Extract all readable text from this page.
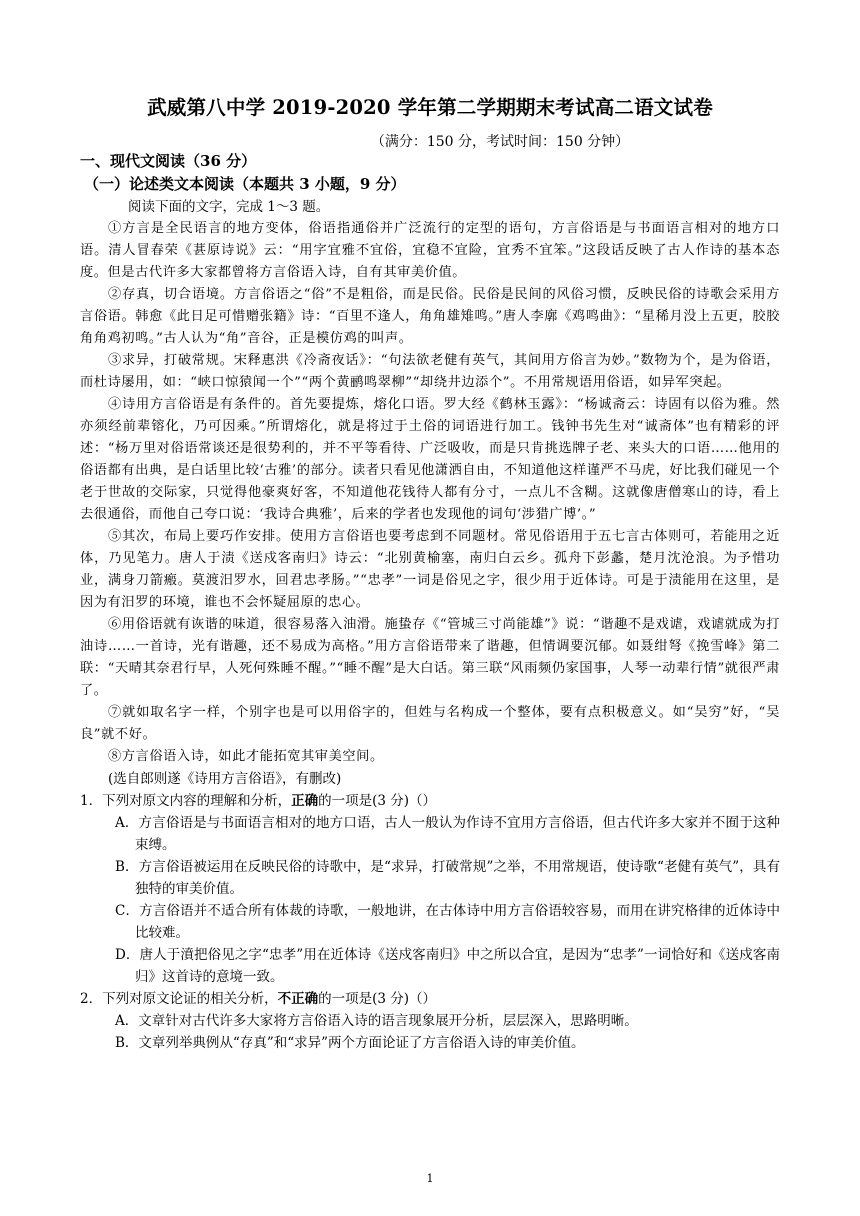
武威第八中学 2019-2020 学年第二学期期末考试高二语文试卷
（满分：150 分，考试时间：150 分钟）

一、现代文阅读（36 分）

（一）论述类文本阅读（本题共 3 小题，9 分）

阅读下面的文字，完成 1～3 题。

①方言是全民语言的地方变体，俗语指通俗并广泛流行的定型的语句，方言俗语是与书面语言相对的地方口语。清人冒春荣《葚原诗说》云：“用字宜雅不宜俗，宜稳不宜险，宜秀不宜笨。”这段话反映了古人作诗的基本态度。但是古代许多大家都曾将方言俗语入诗，自有其审美价值。

②存真，切合语境。方言俗语之“俗”不是粗俗，而是民俗。民俗是民间的风俗习惯，反映民俗的诗歌会采用方言俗语。韩愈《此日足可惜赠张籍》诗：“百里不逢人，角角雄雉鸣。”唐人李廓《鸡鸣曲》：“星稀月没上五更，胶胶角角鸡初鸣。”古人认为“角”音谷，正是模仿鸡的叫声。

③求异，打破常规。宋释惠洪《冷斋夜话》：“句法欲老健有英气，其间用方俗言为妙。”数物为个，是为俗语，而杜诗屡用，如：“峡口惊猿闻一个”“两个黄鹂鸣翠柳”“却绕井边添个”。不用常规语用俗语，如异军突起。

④诗用方言俗语是有条件的。首先要提炼，熔化口语。罗大经《鹤林玉露》：“杨诚斋云：诗固有以俗为雅。然亦须经前辈镕化，乃可因乘。”所谓熔化，就是将过于土俗的词语进行加工。钱钟书先生对“诚斋体”也有精彩的评述：“杨万里对俗语常谈还是很势利的，并不平等看待、广泛吸收，而是只肯挑选牌子老、来头大的口语……他用的俗语都有出典，是白话里比较‘古雅’的部分。读者只看见他潇洒自由，不知道他这样谨严不马虎，好比我们碰见一个老于世故的交际家，只觉得他豪爽好客，不知道他花钱待人都有分寸，一点儿不含糊。这就像唐僧寒山的诗，看上去很通俗，而他自己夸口说：‘我诗合典雅’，后来的学者也发现他的词句‘涉猎广博’。”

⑤其次，布局上要巧作安排。使用方言俗语也要考虑到不同题材。常见俗语用于五七言古体则可，若能用之近体，乃见笔力。唐人于渍《送戍客南归》诗云：“北别黄榆塞，南归白云乡。孤舟下彭蠡，楚月沈沧浪。为予惜功业，满身刀箭瘢。莫渡汨罗水，回君忠孝肠。”“忠孝”一词是俗见之字，很少用于近体诗。可是于渍能用在这里，是因为有汨罗的环境，谁也不会怀疑屈原的忠心。

⑥用俗语就有诙谐的味道，很容易落入油滑。施蛰存《“管城三寸尚能雄”》说：“谐趣不是戏谑，戏谑就成为打油诗……一首诗，光有谐趣，还不易成为高格。”用方言俗语带来了谐趣，但情调要沉郁。如聂绀弩《挽雪峰》第二联：“天晴其奈君行早，人死何殊睡不醒。”“睡不醒”是大白话。第三联“风雨频仍家国事，人琴一动辈行情”就很严肃了。

⑦就如取名字一样，个别字也是可以用俗字的，但姓与名构成一个整体，要有点积极意义。如“吴穷”好，“吴良”就不好。

⑧方言俗语入诗，如此才能拓宽其审美空间。

(选自郎则遂《诗用方言俗语》，有删改)

1．下列对原文内容的理解和分析，正确的一项是(3 分)（）

A．方言俗语是与书面语言相对的地方口语，古人一般认为作诗不宜用方言俗语，但古代许多大家并不囿于这种束缚。

B．方言俗语被运用在反映民俗的诗歌中，是“求异，打破常规”之举，不用常规语，使诗歌“老健有英气”，具有独特的审美价值。

C．方言俗语并不适合所有体裁的诗歌，一般地讲，在古体诗中用方言俗语较容易，而用在讲究格律的近体诗中比较难。

D．唐人于濆把俗见之字“忠孝”用在近体诗《送戍客南归》中之所以合宜，是因为“忠孝”一词恰好和《送戍客南归》这首诗的意境一致。

2．下列对原文论证的相关分析，不正确的一项是(3 分)（）

A．文章针对古代许多大家将方言俗语入诗的语言现象展开分析，层层深入，思路明晰。

B．文章列举典例从“存真”和“求异”两个方面论证了方言俗语入诗的审美价值。

1
